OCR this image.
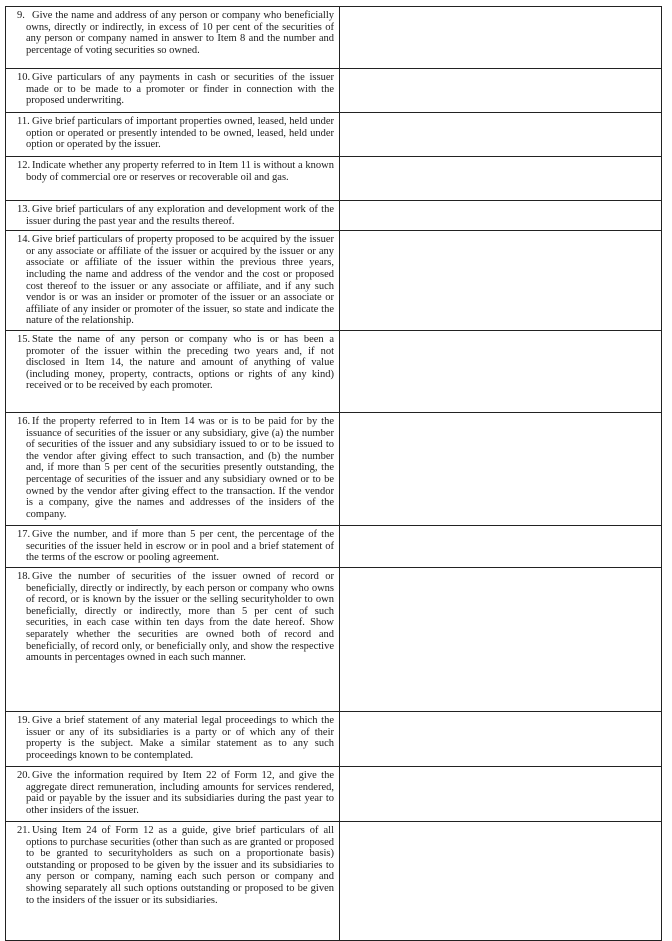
9. Give the name and address of any person or company who beneficially owns, directly or indirectly, in excess of 10 per cent of the securities of any person or company named in answer to Item 8 and the number and percentage of voting securities so owned.	
10. Give particulars of any payments in cash or securities of the issuer made or to be made to a promoter or finder in connection with the proposed underwriting.	
11. Give brief particulars of important properties owned, leased, held under option or operated or presently intended to be owned, leased, held under option or operated by the issuer.	
12. Indicate whether any property referred to in Item 11 is without a known body of commercial ore or reserves or recoverable oil and gas.	
13. Give brief particulars of any exploration and development work of the issuer during the past year and the results thereof.	
14. Give brief particulars of property proposed to be acquired by the issuer or any associate or affiliate of the issuer or acquired by the issuer or any associate or affiliate of the issuer within the previous three years, including the name and address of the vendor and the cost or proposed cost thereof to the issuer or any associate or affiliate, and if any such vendor is or was an insider or promoter of the issuer or an associate or affiliate of any insider or promoter of the issuer, so state and indicate the nature of the relationship.	
15. State the name of any person or company who is or has been a promoter of the issuer within the preceding two years and, if not disclosed in Item 14, the nature and amount of anything of value (including money, property, contracts, options or rights of any kind) received or to be received by each promoter.	
16. If the property referred to in Item 14 was or is to be paid for by the issuance of securities of the issuer or any subsidiary, give (a) the number of securities of the issuer and any subsidiary issued to or to be issued to the vendor after giving effect to such transaction, and (b) the number and, if more than 5 per cent of the securities presently outstanding, the percentage of securities of the issuer and any subsidiary owned or to be owned by the vendor after giving effect to the transaction. If the vendor is a company, give the names and addresses of the insiders of the company.	
17. Give the number, and if more than 5 per cent, the percentage of the securities of the issuer held in escrow or in pool and a brief statement of the terms of the escrow or pooling agreement.	
18. Give the number of securities of the issuer owned of record or beneficially, directly or indirectly, by each person or company who owns of record, or is known by the issuer or the selling securityholder to own beneficially, directly or indirectly, more than 5 per cent of such securities, in each case within ten days from the date hereof. Show separately whether the securities are owned both of record and beneficially, of record only, or beneficially only, and show the respective amounts in percentages owned in each such manner.	
19. Give a brief statement of any material legal proceedings to which the issuer or any of its subsidiaries is a party or of which any of their property is the subject. Make a similar statement as to any such proceedings known to be contemplated.	
20. Give the information required by Item 22 of Form 12, and give the aggregate direct remuneration, including amounts for services rendered, paid or payable by the issuer and its subsidiaries during the past year to other insiders of the issuer.	
21. Using Item 24 of Form 12 as a guide, give brief particulars of all options to purchase securities (other than such as are granted or proposed to be granted to securityholders as such on a proportionate basis) outstanding or proposed to be given by the issuer and its subsidiaries to any person or company, naming each such person or company and showing separately all such options outstanding or proposed to be given to the insiders of the issuer or its subsidiaries.	
